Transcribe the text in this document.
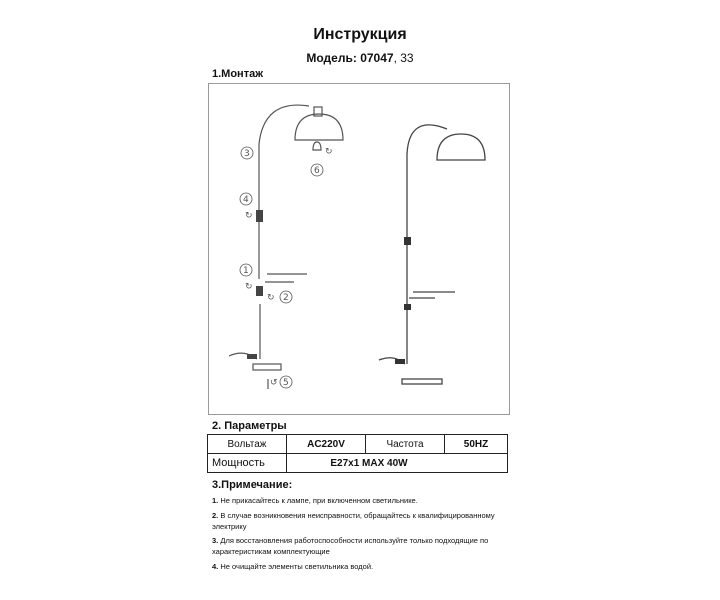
Инструкция
Модель: 07047, 33
1.Монтаж
3
6
4
1
2
5
↻
↻
↻
↻
↺
2. Параметры
Вольтаж	AC220V	Частота	50HZ
Мощность	E27x1 MAX 40W		
3.Примечание:
1. Не прикасайтесь к лампе, при включенном светильнике.
2. В случае возникновения неисправности, обращайтесь к квалифицированному
электрику
3. Для восстановления работоспособности используйте только подходящие по
характеристикам комплектующие
4. Не очищайте элементы светильника водой.
